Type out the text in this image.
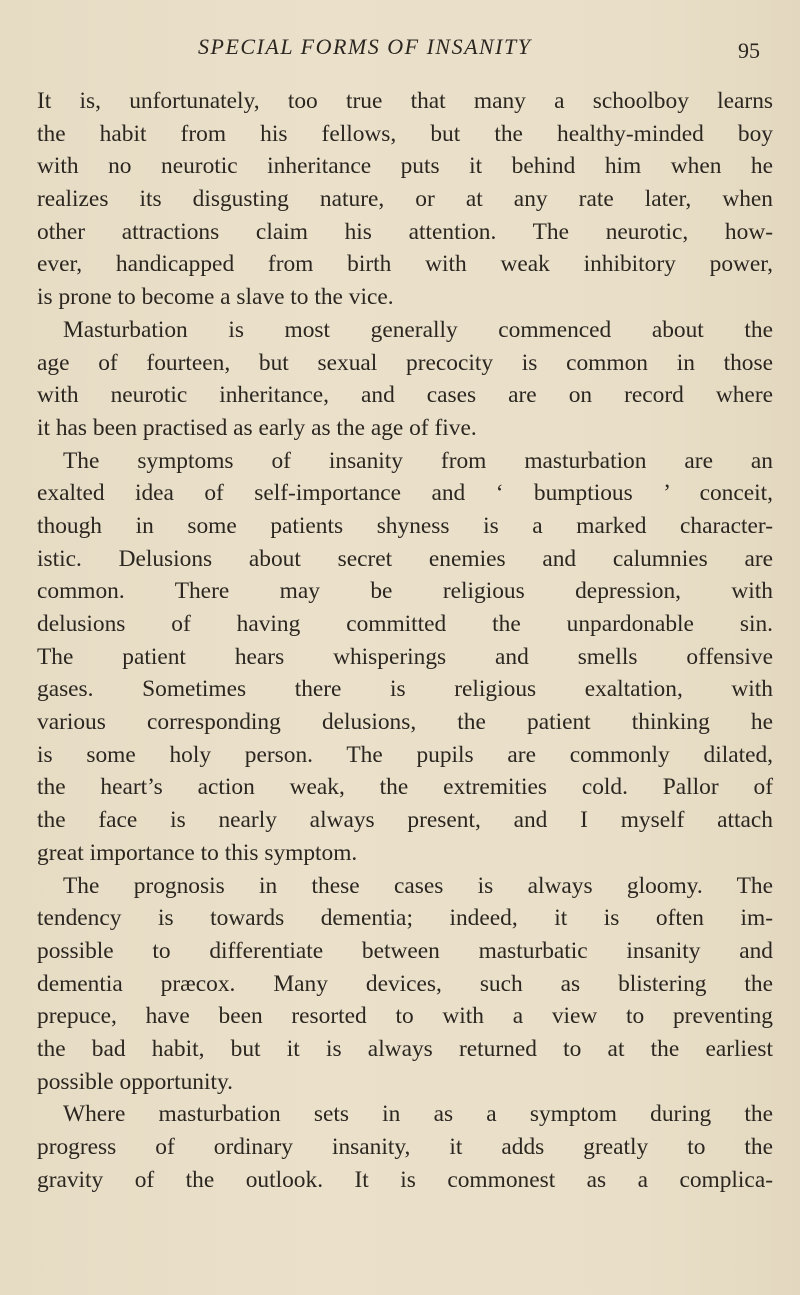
SPECIAL FORMS OF INSANITY	95
It is, unfortunately, too true that many a schoolboy learns
the habit from his fellows, but the healthy-minded boy
with no neurotic inheritance puts it behind him when he
realizes its disgusting nature, or at any rate later, when
other attractions claim his attention. The neurotic, how-
ever, handicapped from birth with weak inhibitory power,
is prone to become a slave to the vice.
Masturbation is most generally commenced about the
age of fourteen, but sexual precocity is common in those
with neurotic inheritance, and cases are on record where
it has been practised as early as the age of five.
The symptoms of insanity from masturbation are an
exalted idea of self-importance and ‘ bumptious ’ conceit,
though in some patients shyness is a marked character-
istic. Delusions about secret enemies and calumnies are
common. There may be religious depression, with
delusions of having committed the unpardonable sin.
The patient hears whisperings and smells offensive
gases. Sometimes there is religious exaltation, with
various corresponding delusions, the patient thinking he
is some holy person. The pupils are commonly dilated,
the heart’s action weak, the extremities cold. Pallor of
the face is nearly always present, and I myself attach
great importance to this symptom.
The prognosis in these cases is always gloomy. The
tendency is towards dementia; indeed, it is often im-
possible to differentiate between masturbatic insanity and
dementia præcox. Many devices, such as blistering the
prepuce, have been resorted to with a view to preventing
the bad habit, but it is always returned to at the earliest
possible opportunity.
Where masturbation sets in as a symptom during the
progress of ordinary insanity, it adds greatly to the
gravity of the outlook. It is commonest as a complica-
